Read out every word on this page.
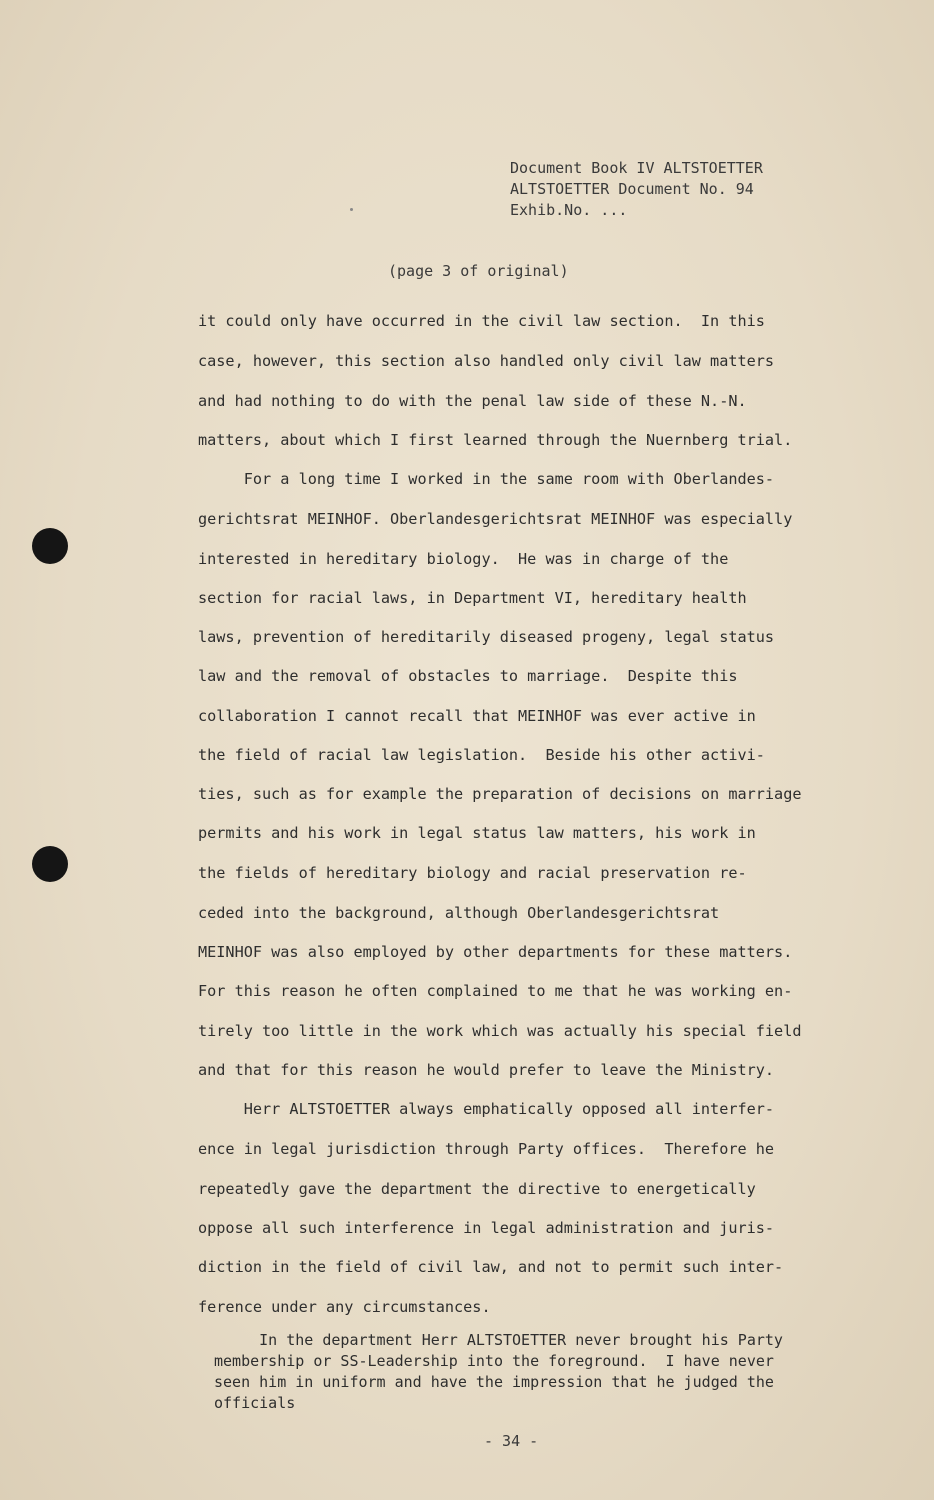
Document Book IV ALTSTOETTER
ALTSTOETTER Document No. 94
Exhib.No. ...
(page 3 of original)
it could only have occurred in the civil law section.  In this
case, however, this section also handled only civil law matters
and had nothing to do with the penal law side of these N.-N.
matters, about which I first learned through the Nuernberg trial.
For a long time I worked in the same room with Oberlandes-
gerichtsrat MEINHOF. Oberlandesgerichtsrat MEINHOF was especially
interested in hereditary biology.  He was in charge of the
section for racial laws, in Department VI, hereditary health
laws, prevention of hereditarily diseased progeny, legal status
law and the removal of obstacles to marriage.  Despite this
collaboration I cannot recall that MEINHOF was ever active in
the field of racial law legislation.  Beside his other activi-
ties, such as for example the preparation of decisions on marriage
permits and his work in legal status law matters, his work in
the fields of hereditary biology and racial preservation re-
ceded into the background, although Oberlandesgerichtsrat
MEINHOF was also employed by other departments for these matters.
For this reason he often complained to me that he was working en-
tirely too little in the work which was actually his special field
and that for this reason he would prefer to leave the Ministry.
Herr ALTSTOETTER always emphatically opposed all interfer-
ence in legal jurisdiction through Party offices.  Therefore he
repeatedly gave the department the directive to energetically
oppose all such interference in legal administration and juris-
diction in the field of civil law, and not to permit such inter-
ference under any circumstances.
In the department Herr ALTSTOETTER never brought his Party
membership or SS-Leadership into the foreground.  I have never
seen him in uniform and have the impression that he judged the
officials
- 34 -
